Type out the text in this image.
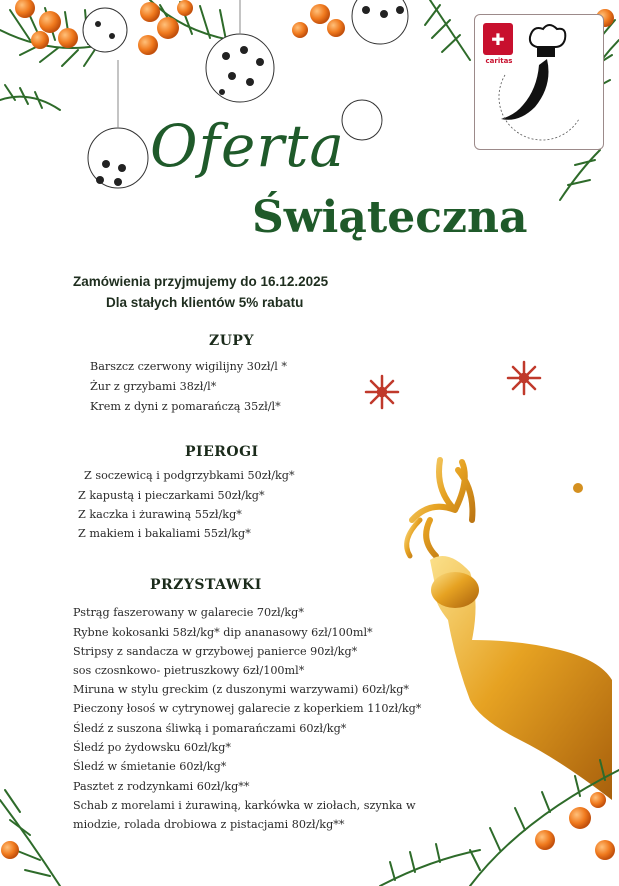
✚
caritas
Oferta
Świąteczna
Zamówienia przyjmujemy do 16.12.2025
Dla stałych klientów 5% rabatu
ZUPY
Barszcz czerwony wigilijny 30zł/l *
Żur z grzybami 38zł/l*
Krem z dyni z pomarańczą 35zł/l*
PIEROGI
Z soczewicą i podgrzybkami 50zł/kg*
Z kapustą i pieczarkami 50zł/kg*
Z kaczka i żurawiną 55zł/kg*
Z makiem i bakaliami 55zł/kg*
PRZYSTAWKI
Pstrąg faszerowany w galarecie 70zł/kg*
Rybne kokosanki 58zł/kg* dip ananasowy 6zł/100ml*
Stripsy z sandacza w grzybowej panierce 90zł/kg*
sos czosnkowo- pietruszkowy 6zł/100ml*
Miruna w stylu greckim (z duszonymi warzywami) 60zł/kg*
Pieczony łosoś w cytrynowej galarecie z koperkiem 110zł/kg*
Śledź z suszona śliwką i pomarańczami 60zł/kg*
Śledź po żydowsku 60zł/kg*
Śledź w śmietanie 60zł/kg*
Pasztet z rodzynkami 60zł/kg**
Schab z morelami i żurawiną, karkówka w ziołach, szynka w
miodzie, rolada drobiowa z pistacjami 80zł/kg**
